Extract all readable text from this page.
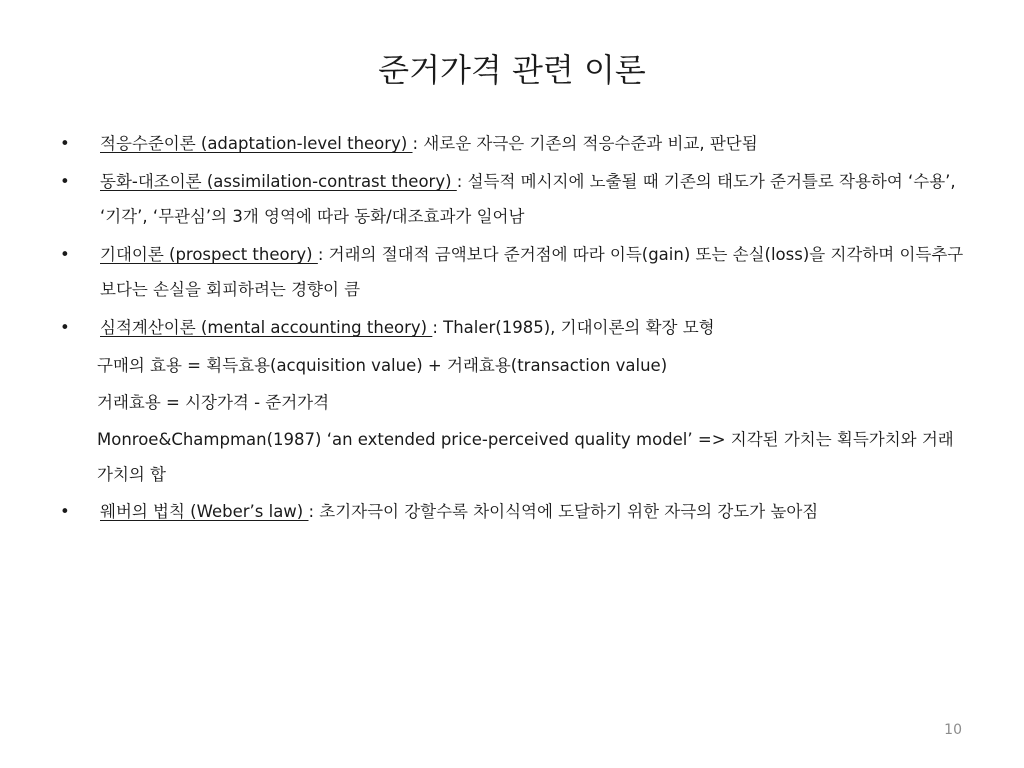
준거가격 관련 이론
• 적응수준이론 (adaptation-level theory) : 새로운 자극은 기존의 적응수준과 비교, 판단됨
• 동화-대조이론 (assimilation-contrast theory) : 설득적 메시지에 노출될 때 기존의 태도가 준거틀로 작용하여 ‘수용’, ‘기각’, ‘무관심’의 3개 영역에 따라 동화/대조효과가 일어남
• 기대이론 (prospect theory) : 거래의 절대적 금액보다 준거점에 따라 이득(gain) 또는 손실(loss)을 지각하며 이득추구보다는 손실을 회피하려는 경향이 큼
• 심적계산이론 (mental accounting theory) : Thaler(1985), 기대이론의 확장 모형
구매의 효용 = 획득효용(acquisition value) + 거래효용(transaction value)
거래효용 = 시장가격 - 준거가격
Monroe&Champman(1987) ‘an extended price-perceived quality model’ => 지각된 가치는 획득가치와 거래가치의 합
• 웨버의 법칙 (Weber’s law) : 초기자극이 강할수록 차이식역에 도달하기 위한 자극의 강도가 높아짐
10
